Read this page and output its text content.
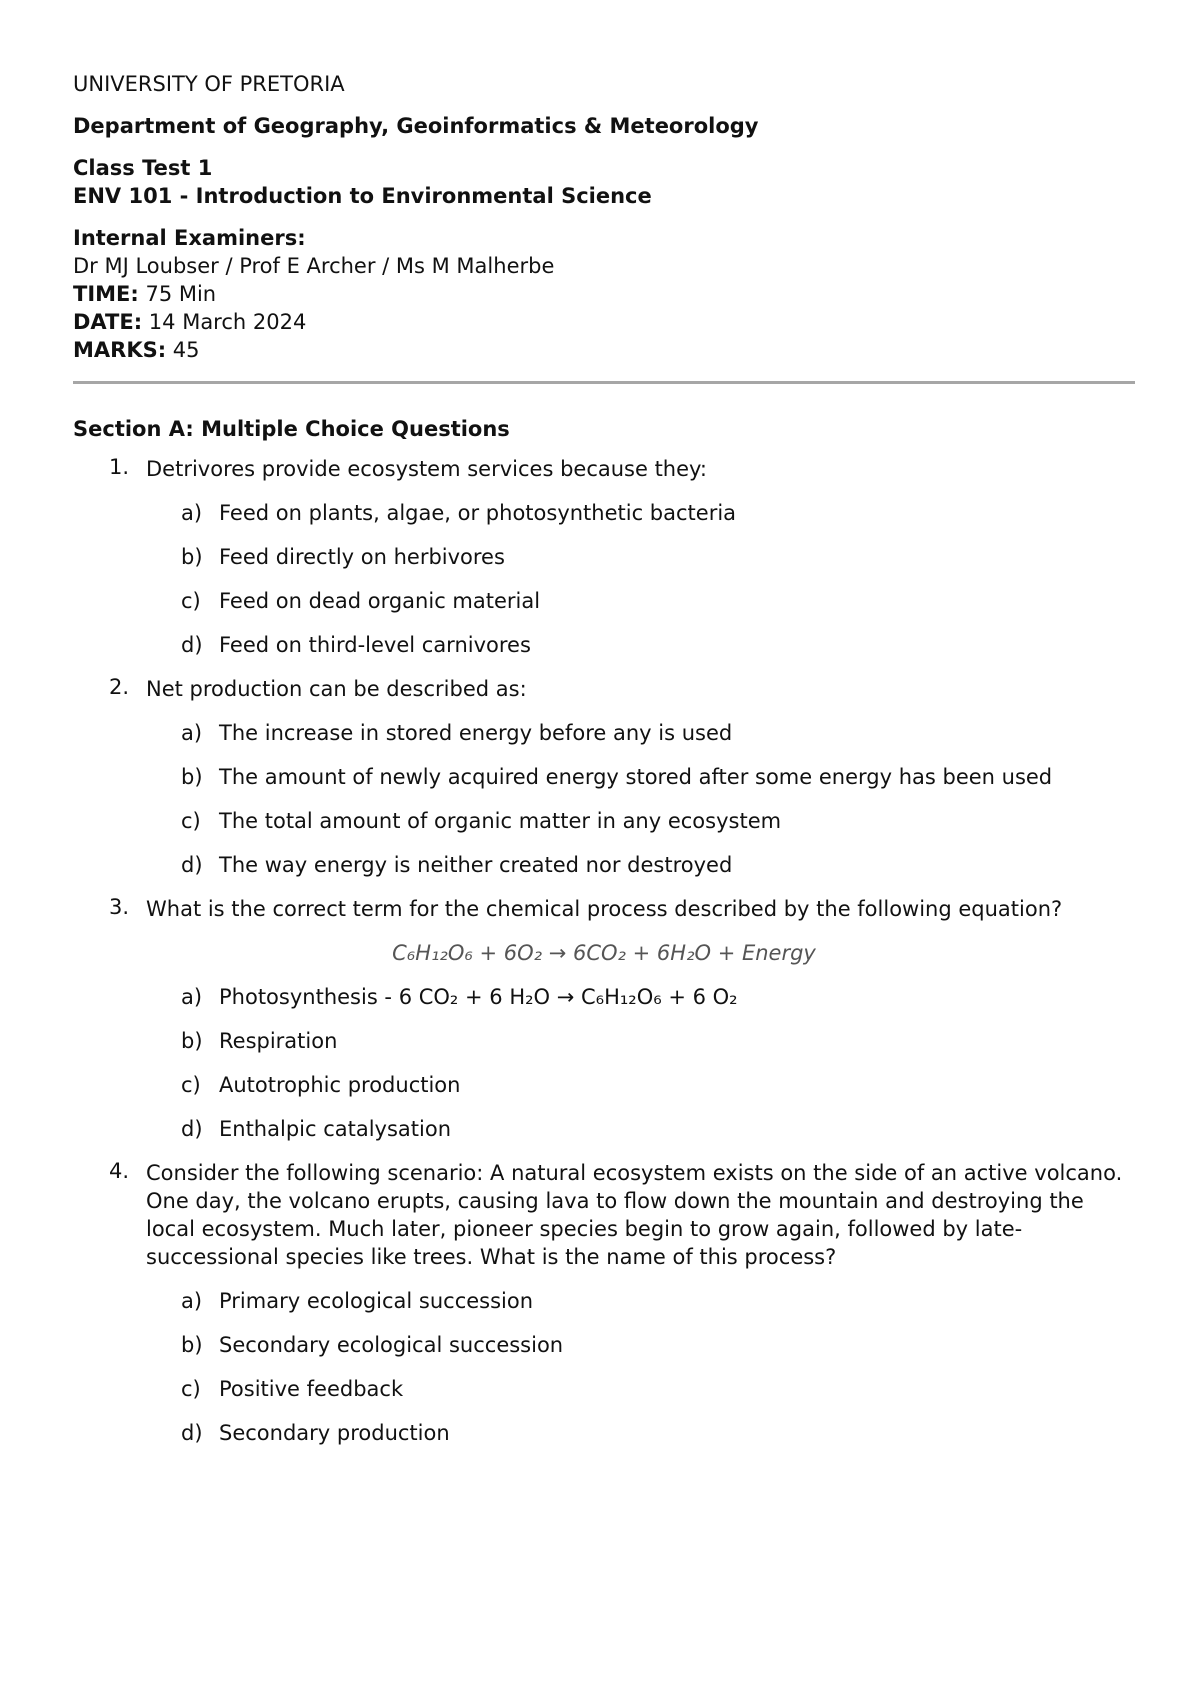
UNIVERSITY OF PRETORIA
Department of Geography, Geoinformatics & Meteorology
Class Test 1
ENV 101 - Introduction to Environmental Science
Internal Examiners:
Dr MJ Loubser / Prof E Archer / Ms M Malherbe
TIME: 75 Min
DATE: 14 March 2024
MARKS: 45
Section A: Multiple Choice Questions
1. Detrivores provide ecosystem services because they:
a) Feed on plants, algae, or photosynthetic bacteria
b) Feed directly on herbivores
c) Feed on dead organic material
d) Feed on third-level carnivores
2. Net production can be described as:
a) The increase in stored energy before any is used
b) The amount of newly acquired energy stored after some energy has been used
c) The total amount of organic matter in any ecosystem
d) The way energy is neither created nor destroyed
3. What is the correct term for the chemical process described by the following equation?
C₆H₁₂O₆ + 6O₂ → 6CO₂ + 6H₂O + Energy
a) Photosynthesis - 6 CO₂ + 6 H₂O → C₆H₁₂O₆ + 6 O₂
b) Respiration
c) Autotrophic production
d) Enthalpic catalysation
4. Consider the following scenario: A natural ecosystem exists on the side of an active volcano. One day, the volcano erupts, causing lava to flow down the mountain and destroying the local ecosystem. Much later, pioneer species begin to grow again, followed by late-successional species like trees. What is the name of this process?
a) Primary ecological succession
b) Secondary ecological succession
c) Positive feedback
d) Secondary production
